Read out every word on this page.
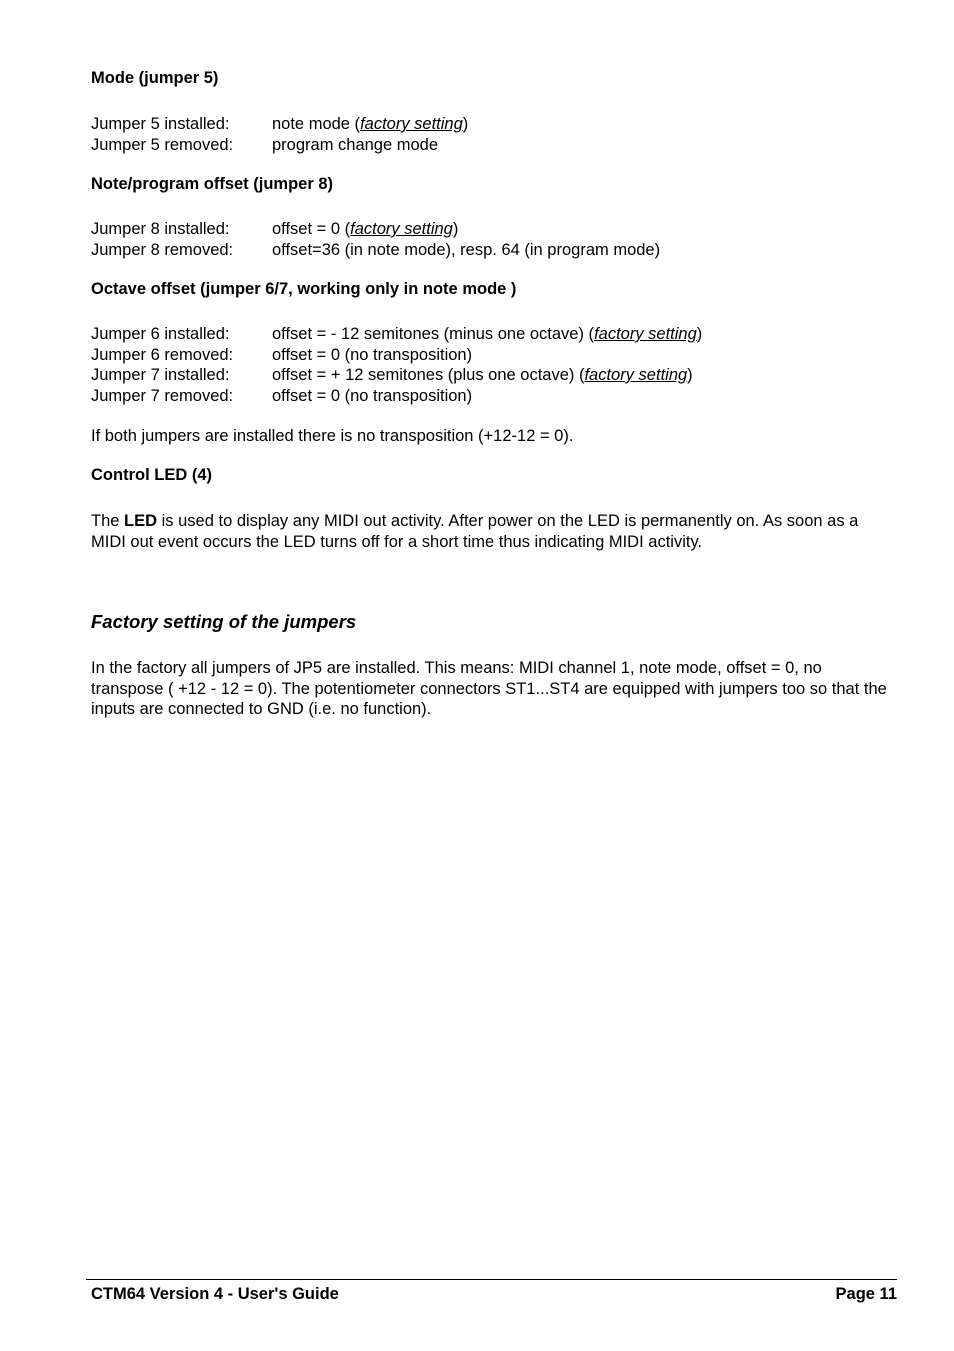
Mode (jumper 5)
Jumper 5 installed:	note mode (factory setting)
Jumper 5 removed: program change mode
Note/program offset (jumper 8)
Jumper 8 installed:	offset = 0 (factory setting)
Jumper 8 removed: offset=36 (in note mode), resp. 64 (in program mode)
Octave offset (jumper 6/7, working only in note mode )
Jumper 6 installed:	offset = - 12 semitones (minus one octave) (factory setting)
Jumper 6 removed: offset = 0 (no transposition)
Jumper 7 installed:	offset = + 12 semitones (plus one octave) (factory setting)
Jumper 7 removed: offset = 0 (no transposition)
If both jumpers are installed there is no transposition (+12-12 = 0).
Control LED (4)
The LED is used to display any MIDI out activity. After power on the LED is permanently on. As soon as a MIDI out event occurs the LED turns off for a short time thus indicating MIDI activity.
Factory setting of the jumpers
In the factory all jumpers of JP5 are installed. This means: MIDI channel 1, note mode, offset = 0, no transpose ( +12 - 12 = 0). The potentiometer connectors ST1...ST4 are equipped with jumpers too so that the inputs are connected to GND (i.e. no function).
CTM64 Version 4 - User's Guide	Page 11
